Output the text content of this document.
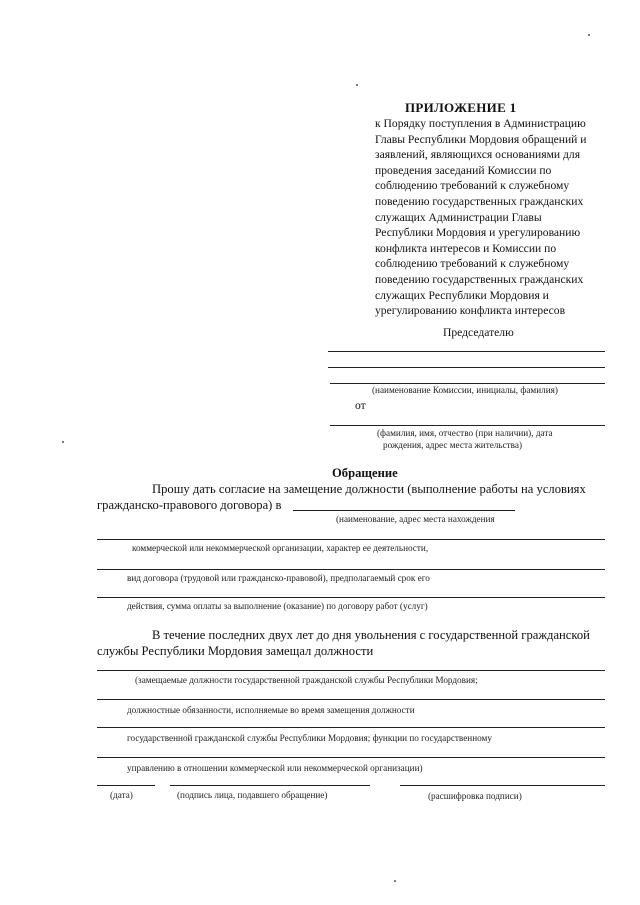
ПРИЛОЖЕНИЕ 1
к Порядку поступления в Администрацию
Главы Республики Мордовия обращений и
заявлений, являющихся основаниями для
проведения заседаний Комиссии по
соблюдению требований к служебному
поведению государственных гражданских
служащих Администрации Главы
Республики Мордовия и урегулированию
конфликта интересов и Комиссии по
соблюдению требований к служебному
поведению государственных гражданских
служащих Республики Мордовия и
урегулированию конфликта интересов
Председателю
(наименование Комиссии, инициалы, фамилия)
от
(фамилия, имя, отчество (при наличии), дата
рождения, адрес места жительства)
Обращение
Прошу дать согласие на замещение должности (выполнение работы на условиях
гражданско-правового договора) в
(наименование, адрес места нахождения
коммерческой или некоммерческой организации, характер ее деятельности,
вид договора (трудовой или гражданско-правовой), предполагаемый срок его
действия, сумма оплаты за выполнение (оказание) по договору работ (услуг)
В течение последних двух лет до дня увольнения с государственной гражданской
службы Республики Мордовия замещал должности
(замещаемые должности государственной гражданской службы Республики Мордовия;
должностные обязанности, исполняемые во время замещения должности
государственной гражданской службы Республики Мордовия; функции по государственному
управлению в отношении коммерческой или некоммерческой организации)
(дата)	(подпись лица, подавшего обращение)	(расшифровка подписи)
